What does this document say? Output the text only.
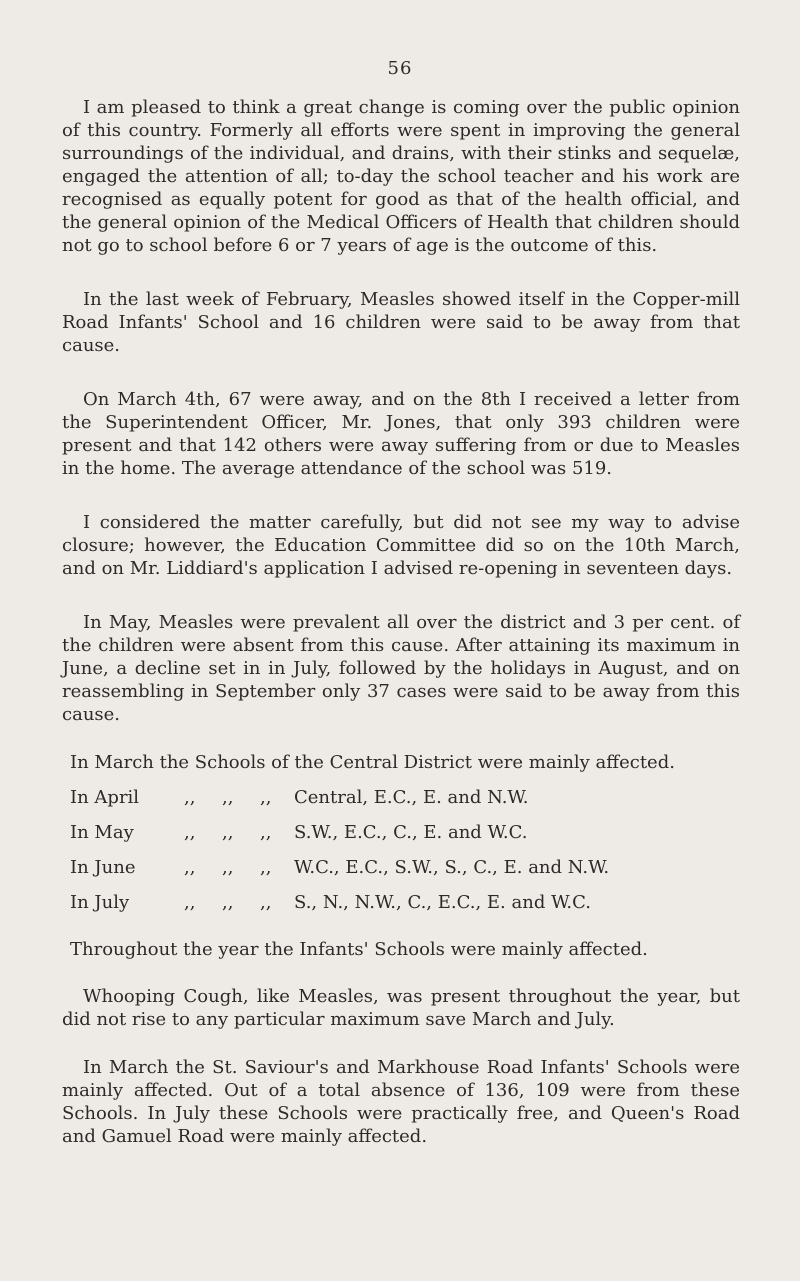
56

I am pleased to think a great change is coming over the public opinion of this country. Formerly all efforts were spent in improving the general surroundings of the individual, and drains, with their stinks and sequelæ, engaged the attention of all; to-day the school teacher and his work are recognised as equally potent for good as that of the health official, and the general opinion of the Medical Officers of Health that children should not go to school before 6 or 7 years of age is the outcome of this.

In the last week of February, Measles showed itself in the Copper-mill Road Infants' School and 16 children were said to be away from that cause.

On March 4th, 67 were away, and on the 8th I received a letter from the Superintendent Officer, Mr. Jones, that only 393 children were present and that 142 others were away suffering from or due to Measles in the home. The average attendance of the school was 519.

I considered the matter carefully, but did not see my way to advise closure; however, the Education Committee did so on the 10th March, and on Mr. Liddiard's application I advised re-opening in seventeen days.

In May, Measles were prevalent all over the district and 3 per cent. of the children were absent from this cause. After attaining its maximum in June, a decline set in in July, followed by the holidays in August, and on reassembling in September only 37 cases were said to be away from this cause.

In March the Schools of the Central District were mainly affected.

In April	,,	,,	,,	Central, E.C., E. and N.W.
In May	,,	,,	,,	S.W., E.C., C., E. and W.C.
In June	,,	,,	,,	W.C., E.C., S.W., S., C., E. and N.W.
In July	,,	,,	,,	S., N., N.W., C., E.C., E. and W.C.

Throughout the year the Infants' Schools were mainly affected.

Whooping Cough, like Measles, was present throughout the year, but did not rise to any particular maximum save March and July.

In March the St. Saviour's and Markhouse Road Infants' Schools were mainly affected. Out of a total absence of 136, 109 were from these Schools. In July these Schools were practically free, and Queen's Road and Gamuel Road were mainly affected.
